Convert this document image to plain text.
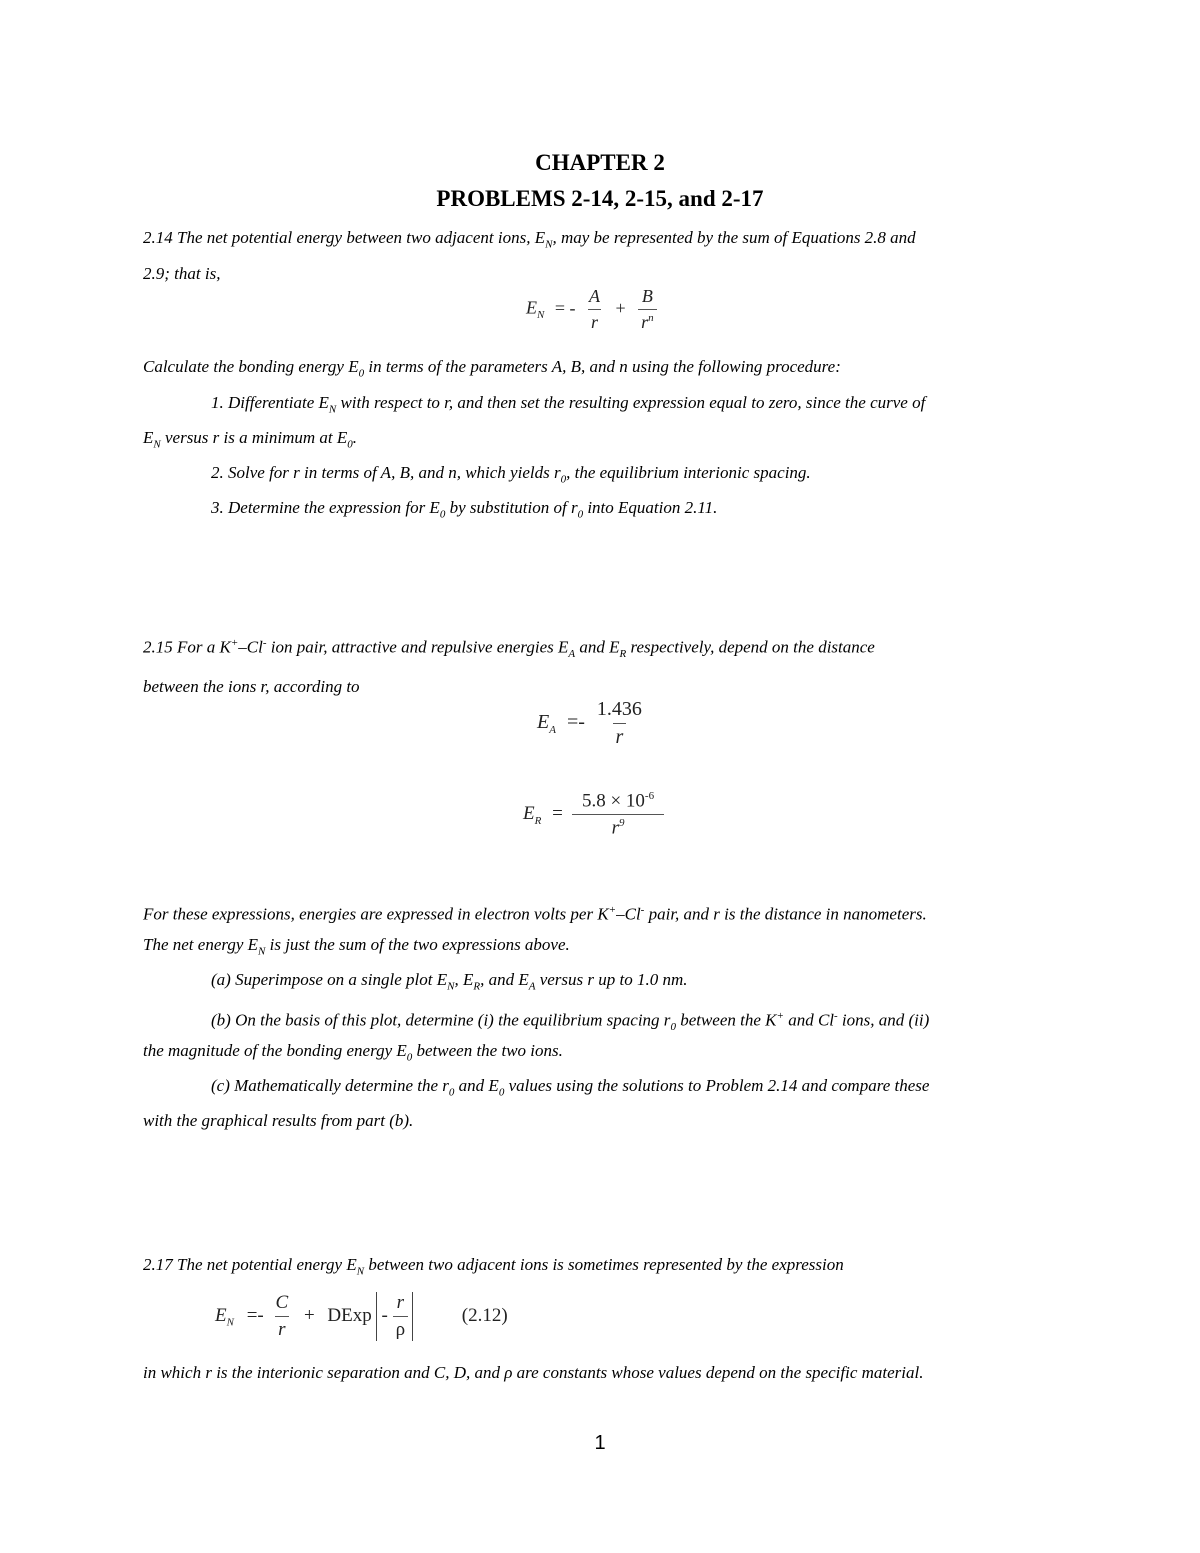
CHAPTER 2
PROBLEMS 2-14, 2-15, and 2-17
2.14 The net potential energy between two adjacent ions, $E_N$, may be represented by the sum of Equations 2.8 and
2.9; that is,
$E_N$ = - $\frac{A}{r} + \frac{B}{r^n}$
Calculate the bonding energy $E_0$ in terms of the parameters A, B, and n using the following procedure:
1. Differentiate $E_N$ with respect to r, and then set the resulting expression equal to zero, since the curve of
$E_N$ versus r is a minimum at $E_0$.
2. Solve for r in terms of A, B, and n, which yields $r_0$, the equilibrium interionic spacing.
3. Determine the expression for $E_0$ by substitution of $r_0$ into Equation 2.11.
2.15 For a K+–Cl- ion pair, attractive and repulsive energies $E_A$ and $E_R$ respectively, depend on the distance
between the ions r, according to
$E_A =- \frac{1.436}{r}$
$E_R = \frac{5.8 \times 10^{-6}}{r^9}$
For these expressions, energies are expressed in electron volts per K+–Cl- pair, and r is the distance in nanometers.
The net energy $E_N$ is just the sum of the two expressions above.
(a) Superimpose on a single plot $E_N$, $E_R$, and $E_A$ versus r up to 1.0 nm.
(b) On the basis of this plot, determine (i) the equilibrium spacing $r_0$ between the K+ and Cl- ions, and (ii)
the magnitude of the bonding energy $E_0$ between the two ions.
(c) Mathematically determine the $r_0$ and $E_0$ values using the solutions to Problem 2.14 and compare these
with the graphical results from part (b).
2.17 The net potential energy $E_N$ between two adjacent ions is sometimes represented by the expression
$E_N =- \frac{C}{r}$ + DExp - $\frac{r}{\rho}$	(2.12)
in which r is the interionic separation and C, D, and ρ are constants whose values depend on the specific material.
1
